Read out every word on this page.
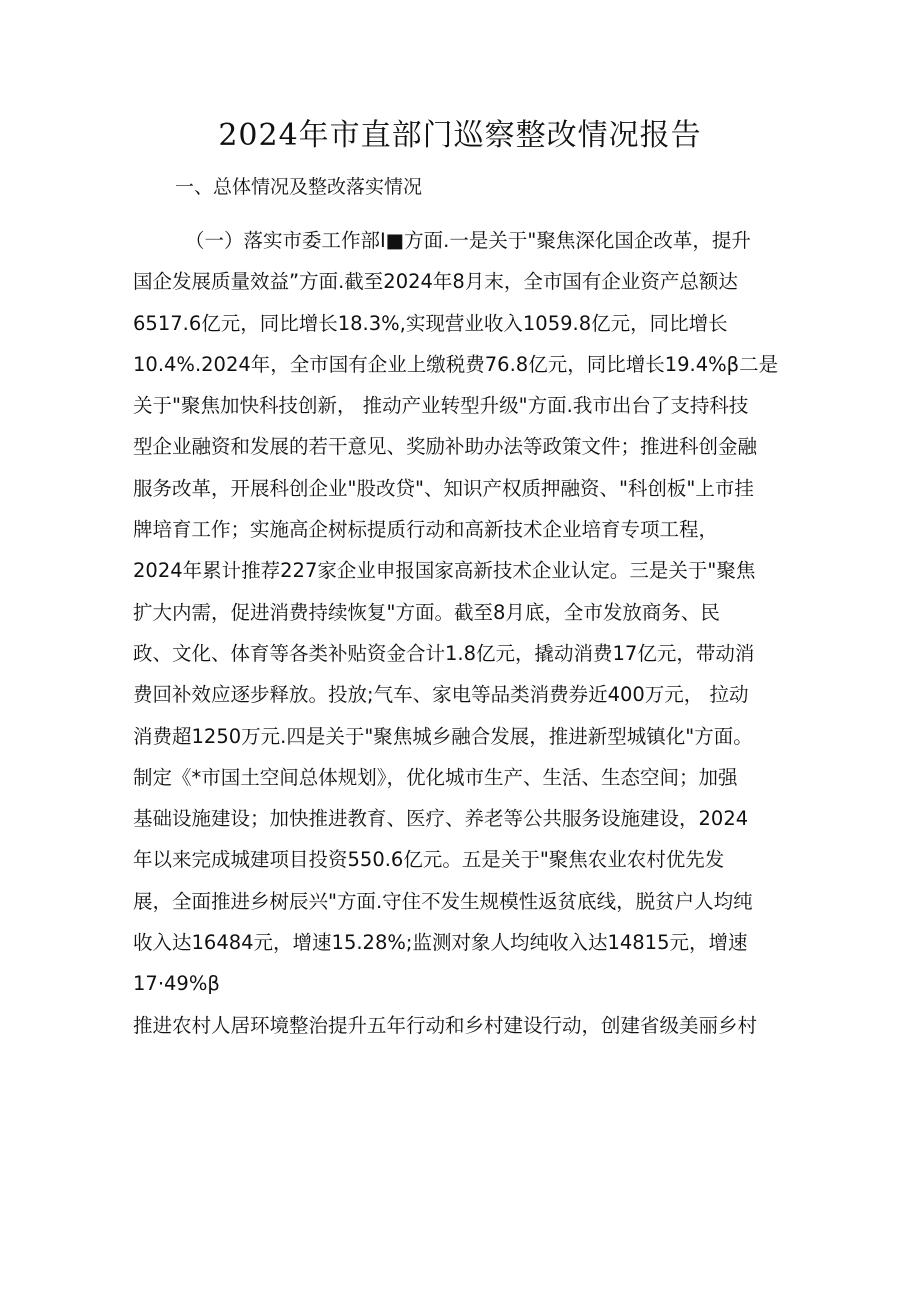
2024年市直部门巡察整改情况报告
一、总体情况及整改落实情况
（一）落实市委工作部I■方面.一是关于"聚焦深化国企改革，提升
国企发展质量效益”方面.截至2024年8月末，全市国有企业资产总额达
6517.6亿元，同比增长18.3%,实现营业收入1059.8亿元，同比增长
10.4%.2024年，全市国有企业上缴税费76.8亿元，同比增长19.4%β二是
关于"聚焦加快科技创新， 推动产业转型升级"方面.我市出台了支持科技
型企业融资和发展的若干意见、奖励补助办法等政策文件；推进科创金融
服务改革，开展科创企业"股改贷"、知识产权质押融资、"科创板"上市挂
牌培育工作；实施高企树标提质行动和高新技术企业培育专项工程，
2024年累计推荐227家企业申报国家高新技术企业认定。三是关于"聚焦
扩大内需，促进消费持续恢复"方面。截至8月底，全市发放商务、民
政、文化、体育等各类补贴资金合计1.8亿元，撬动消费17亿元，带动消
费回补效应逐步释放。投放;气车、家电等品类消费券近400万元， 拉动
消费超1250万元.四是关于"聚焦城乡融合发展，推进新型城镇化"方面。
制定《*市国土空间总体规划》，优化城市生产、生活、生态空间；加强
基础设施建设；加快推进教育、医疗、养老等公共服务设施建设，2024
年以来完成城建项目投资550.6亿元。五是关于"聚焦农业农村优先发
展，全面推进乡树辰兴"方面.守住不发生规模性返贫底线，脱贫户人均纯
收入达16484元，增速15.28%;监测对象人均纯收入达14815元，增速
17·49%β
推进农村人居环境整治提升五年行动和乡村建设行动，创建省级美丽乡村
